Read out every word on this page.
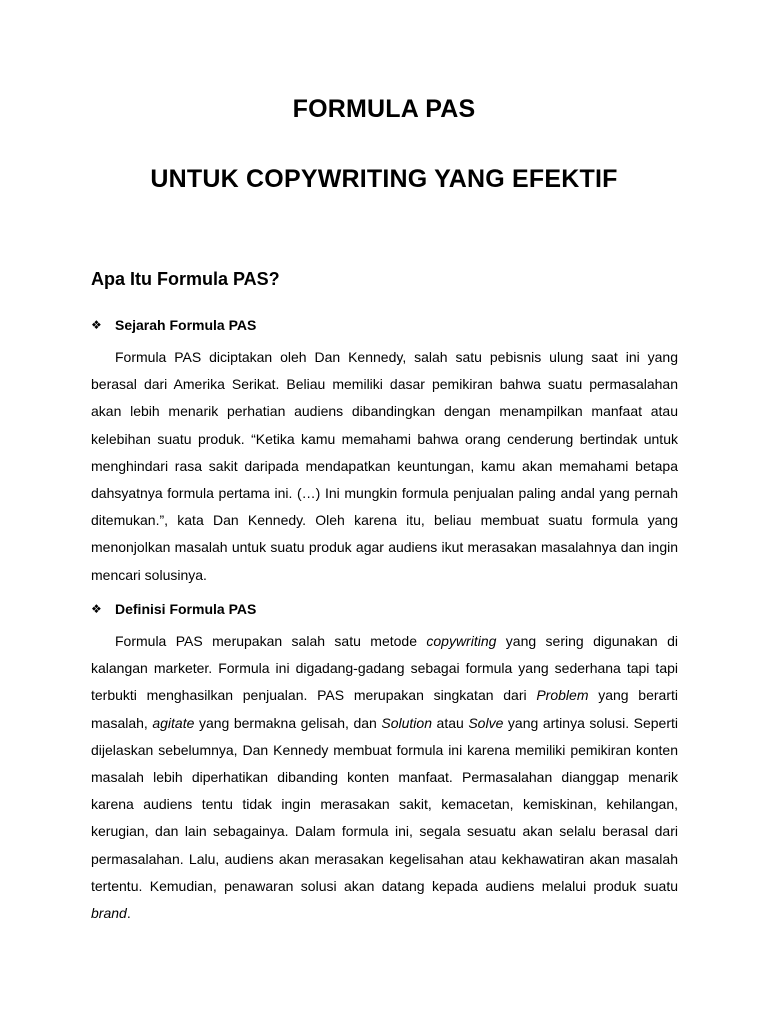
FORMULA PAS
UNTUK COPYWRITING YANG EFEKTIF
Apa Itu Formula PAS?
❖ Sejarah Formula PAS

Formula PAS diciptakan oleh Dan Kennedy, salah satu pebisnis ulung saat ini yang berasal dari Amerika Serikat. Beliau memiliki dasar pemikiran bahwa suatu permasalahan akan lebih menarik perhatian audiens dibandingkan dengan menampilkan manfaat atau kelebihan suatu produk. “Ketika kamu memahami bahwa orang cenderung bertindak untuk menghindari rasa sakit daripada mendapatkan keuntungan, kamu akan memahami betapa dahsyatnya formula pertama ini. (…) Ini mungkin formula penjualan paling andal yang pernah ditemukan.”, kata Dan Kennedy. Oleh karena itu, beliau membuat suatu formula yang menonjolkan masalah untuk suatu produk agar audiens ikut merasakan masalahnya dan ingin mencari solusinya.

❖ Definisi Formula PAS

Formula PAS merupakan salah satu metode copywriting yang sering digunakan di kalangan marketer. Formula ini digadang-gadang sebagai formula yang sederhana tapi tapi terbukti menghasilkan penjualan. PAS merupakan singkatan dari Problem yang berarti masalah, agitate yang bermakna gelisah, dan Solution atau Solve yang artinya solusi. Seperti dijelaskan sebelumnya, Dan Kennedy membuat formula ini karena memiliki pemikiran konten masalah lebih diperhatikan dibanding konten manfaat. Permasalahan dianggap menarik karena audiens tentu tidak ingin merasakan sakit, kemacetan, kemiskinan, kehilangan, kerugian, dan lain sebagainya. Dalam formula ini, segala sesuatu akan selalu berasal dari permasalahan. Lalu, audiens akan merasakan kegelisahan atau kekhawatiran akan masalah tertentu. Kemudian, penawaran solusi akan datang kepada audiens melalui produk suatu brand.
